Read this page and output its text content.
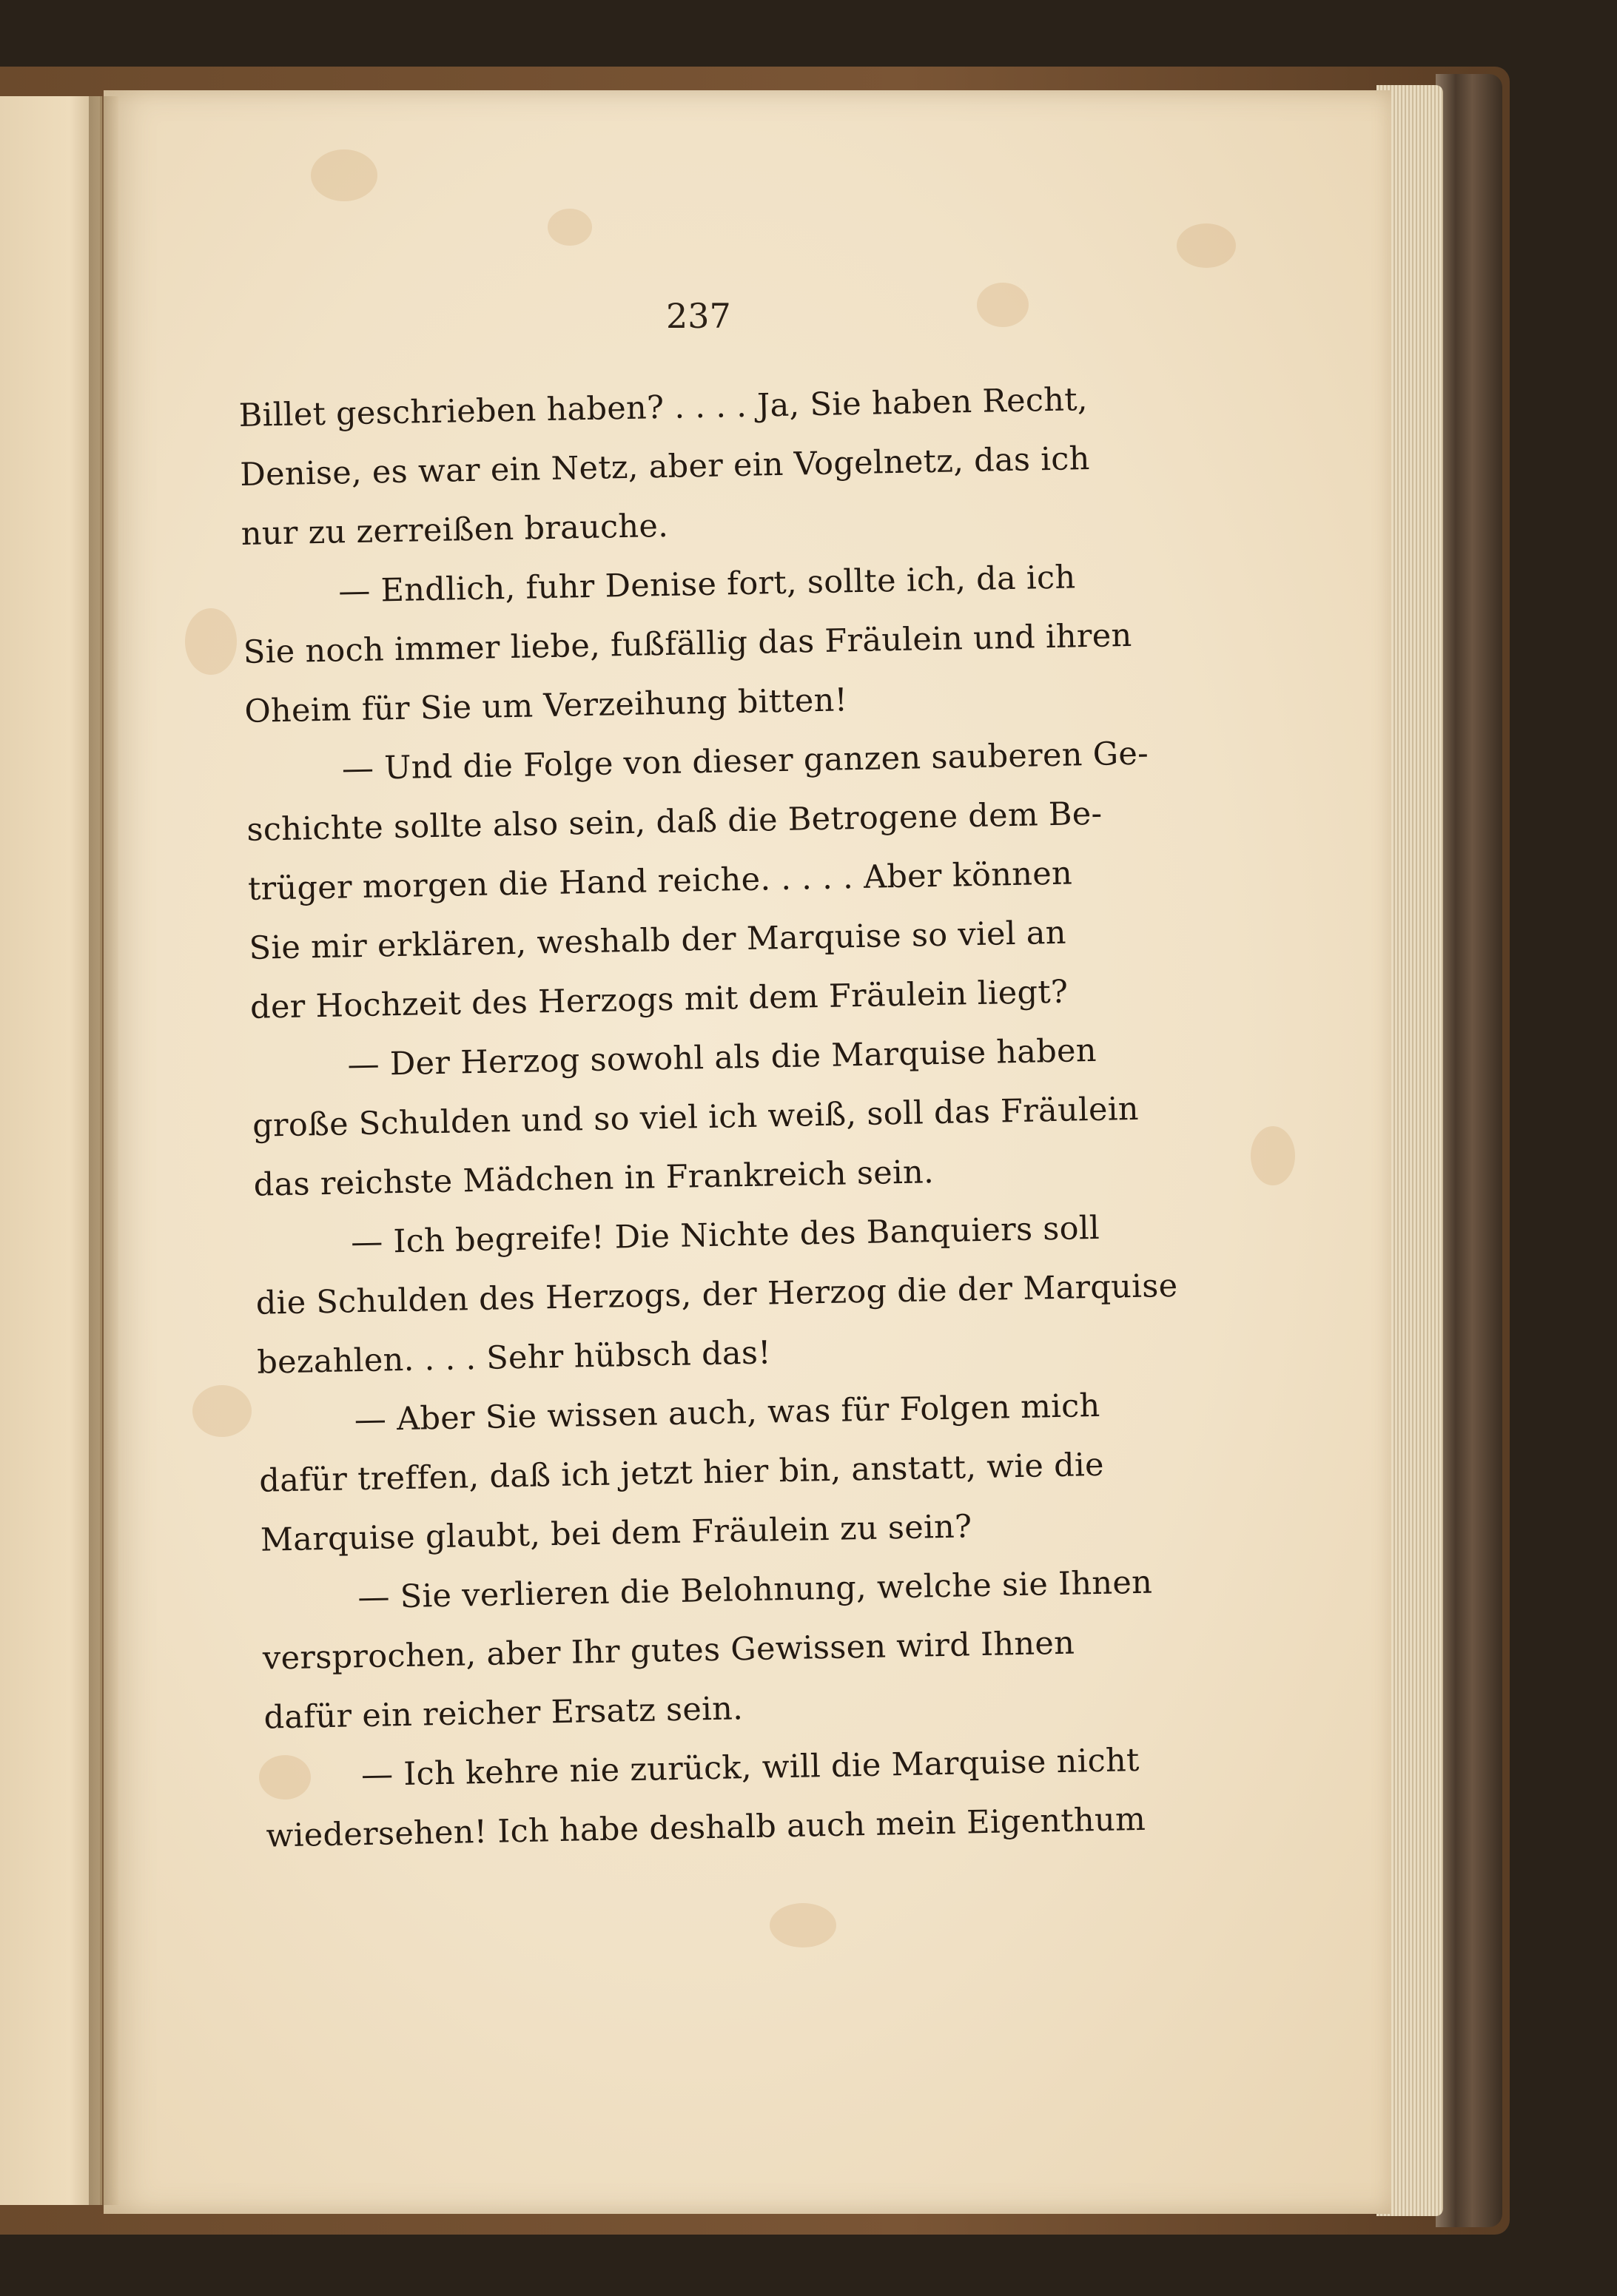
237
Billet geschrieben haben? . . . . Ja, Sie haben Recht,
Denise, es war ein Netz, aber ein Vogelnetz, das ich
nur zu zerreißen brauche.
— Endlich, fuhr Denise fort, sollte ich, da ich
Sie noch immer liebe, fußfällig das Fräulein und ihren
Oheim für Sie um Verzeihung bitten!
— Und die Folge von dieser ganzen sauberen Ge-
schichte sollte also sein, daß die Betrogene dem Be-
trüger morgen die Hand reiche. . . . . Aber können
Sie mir erklären, weshalb der Marquise so viel an
der Hochzeit des Herzogs mit dem Fräulein liegt?
— Der Herzog sowohl als die Marquise haben
große Schulden und so viel ich weiß, soll das Fräulein
das reichste Mädchen in Frankreich sein.
— Ich begreife! Die Nichte des Banquiers soll
die Schulden des Herzogs, der Herzog die der Marquise
bezahlen. . . . Sehr hübsch das!
— Aber Sie wissen auch, was für Folgen mich
dafür treffen, daß ich jetzt hier bin, anstatt, wie die
Marquise glaubt, bei dem Fräulein zu sein?
— Sie verlieren die Belohnung, welche sie Ihnen
versprochen, aber Ihr gutes Gewissen wird Ihnen
dafür ein reicher Ersatz sein.
— Ich kehre nie zurück, will die Marquise nicht
wiedersehen! Ich habe deshalb auch mein Eigenthum
